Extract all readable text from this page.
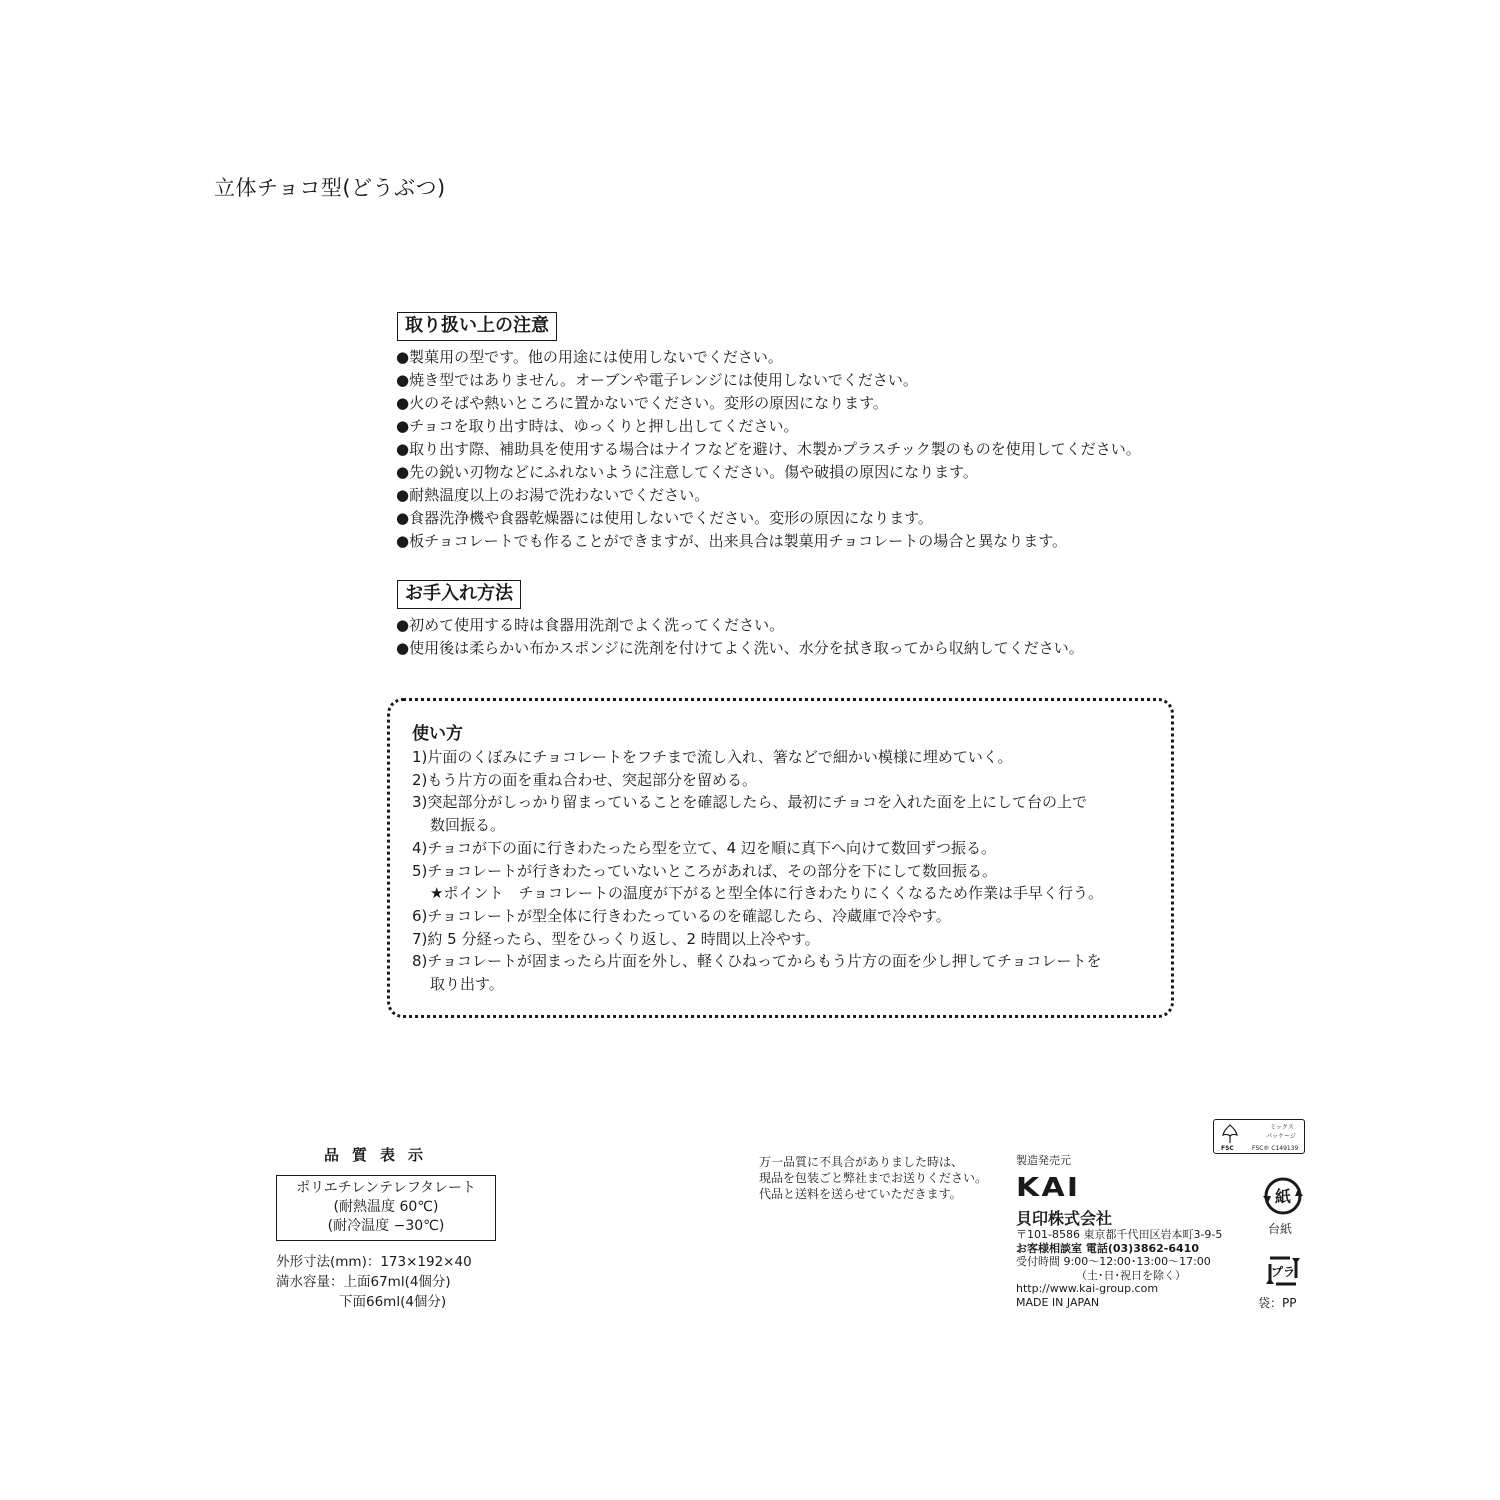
立体チョコ型(どうぶつ)
取り扱い上の注意
●製菓用の型です。他の用途には使用しないでください。
●焼き型ではありません。オーブンや電子レンジには使用しないでください。
●火のそばや熱いところに置かないでください。変形の原因になります。
●チョコを取り出す時は、ゆっくりと押し出してください。
●取り出す際、補助具を使用する場合はナイフなどを避け、木製かプラスチック製のものを使用してください。
●先の鋭い刃物などにふれないように注意してください。傷や破損の原因になります。
●耐熱温度以上のお湯で洗わないでください。
●食器洗浄機や食器乾燥器には使用しないでください。変形の原因になります。
●板チョコレートでも作ることができますが、出来具合は製菓用チョコレートの場合と異なります。
お手入れ方法
●初めて使用する時は食器用洗剤でよく洗ってください。
●使用後は柔らかい布かスポンジに洗剤を付けてよく洗い、水分を拭き取ってから収納してください。
使い方
1)片面のくぼみにチョコレートをフチまで流し入れ、箸などで細かい模様に埋めていく。
2)もう片方の面を重ね合わせ、突起部分を留める。
3)突起部分がしっかり留まっていることを確認したら、最初にチョコを入れた面を上にして台の上で
数回振る。
4)チョコが下の面に行きわたったら型を立て、4 辺を順に真下へ向けて数回ずつ振る。
5)チョコレートが行きわたっていないところがあれば、その部分を下にして数回振る。
★ポイント　チョコレートの温度が下がると型全体に行きわたりにくくなるため作業は手早く行う。
6)チョコレートが型全体に行きわたっているのを確認したら、冷蔵庫で冷やす。
7)約 5 分経ったら、型をひっくり返し、2 時間以上冷やす。
8)チョコレートが固まったら片面を外し、軽くひねってからもう片方の面を少し押してチョコレートを
取り出す。
品質表示
ポリエチレンテレフタレート
(耐熱温度 60℃)
(耐冷温度 −30℃)
外形寸法(mm)：173×192×40
満水容量：上面67ml(4個分)
下面66ml(4個分)
万一品質に不具合がありました時は、
現品を包装ごと弊社までお送りください。
代品と送料を送らせていただきます。
製造発売元
KAI
貝印株式会社
〒101-8586 東京都千代田区岩本町3-9-5
お客様相談室 電話(03)3862-6410
受付時間 9:00〜12:00･13:00〜17:00
（土･日･祝日を除く）
http://www.kai-group.com
MADE IN JAPAN
ミックス
パッケージ
FSC	FSC® C149139
紙
台紙
プラ
袋：PP
